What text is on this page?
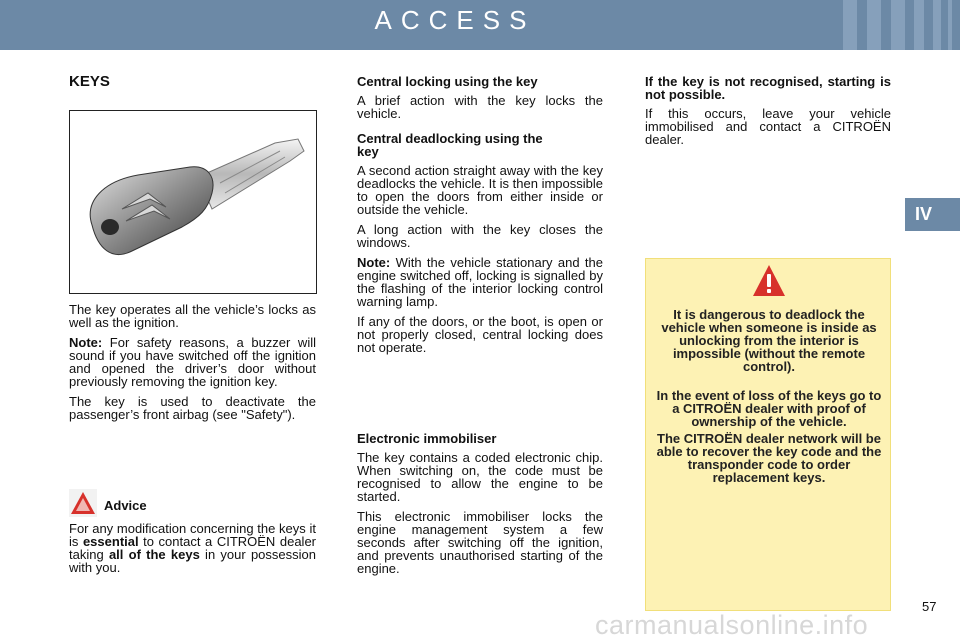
ACCESS
IV
KEYS

The key operates all the vehicle’s locks as well as the ignition.

Note: For safety reasons, a buzzer will sound if you have switched off the ignition and opened the driver’s door without previously removing the ignition key.

The key is used to deactivate the passenger’s front airbag (see "Safety").

Advice

For any modification concerning the keys it is essential to contact a CITROËN dealer taking all of the keys in your possession with you.

Central locking using the key

A brief action with the key locks the vehicle.

Central deadlocking using the key

A second action straight away with the key deadlocks the vehicle. It is then impossible to open the doors from either inside or outside the vehicle.

A long action with the key closes the windows.

Note: With the vehicle stationary and the engine switched off, locking is signalled by the flashing of the interior locking control warning lamp.

If any of the doors, or the boot, is open or not properly closed, central locking does not operate.

Electronic immobiliser

The key contains a coded electronic chip. When switching on, the code must be recognised to allow the engine to be started.

This electronic immobiliser locks the engine management system a few seconds after switching off the ignition, and prevents unauthorised starting of the engine.

If the key is not recognised, starting is not possible.

If this occurs, leave your vehicle immobilised and contact a CITROËN dealer.

It is dangerous to deadlock the vehicle when someone is inside as unlocking from the interior is impossible (without the remote control).

In the event of loss of the keys go to a CITROËN dealer with proof of ownership of the vehicle.

The CITROËN dealer network will be able to recover the key code and the transponder code to order replacement keys.

carmanualsonline.info
57
